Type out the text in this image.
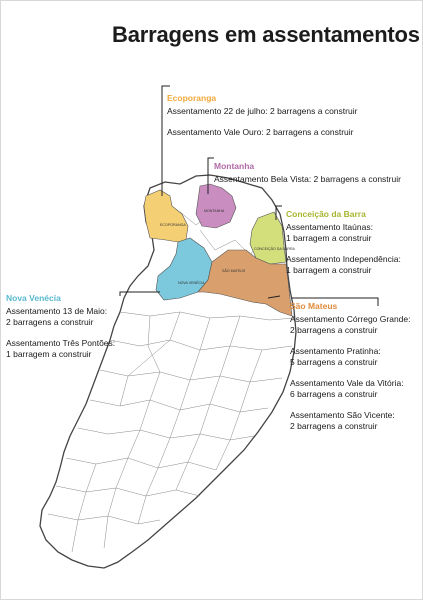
ECOPORANGA
MONTANHA
CONCEIÇÃO DA BARRA
NOVA VENÉCIA
SÃO MATEUS
Barragens em assentamentos
Ecoporanga
Assentamento 22 de julho: 2 barragens a construir
Assentamento Vale Ouro: 2 barragens a construir
Montanha
Assentamento Bela Vista: 2 barragens a construir
Conceição da Barra
Assentamento Itaúnas:
1 barragem a construir
Assentamento Independência:
1 barragem a construir
Nova Venécia
Assentamento 13 de Maio:
2 barragens a construir
Assentamento Três Pontões:
1 barragem a construir
São Mateus
Assentamento Córrego Grande:
2 barragens a construir
Assentamento Pratinha:
5 barragens a construir
Assentamento Vale da Vitória:
6 barragens a construir
Assentamento São Vicente:
2 barragens a construir
